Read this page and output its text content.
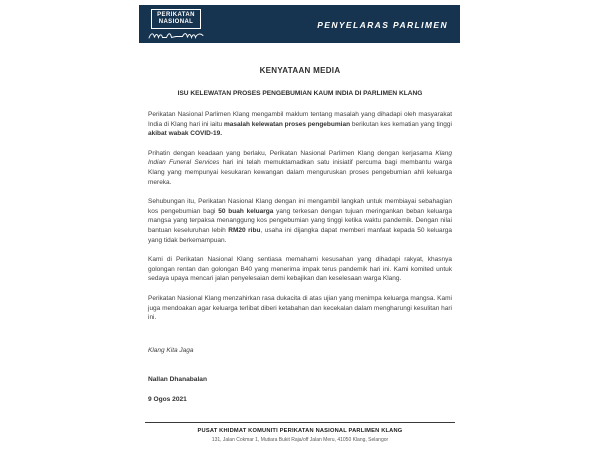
PERIKATAN
NASIONAL	PENYELARAS PARLIMEN
KENYATAAN MEDIA
ISU KELEWATAN PROSES PENGEBUMIAN KAUM INDIA DI PARLIMEN KLANG

Perikatan Nasional Parlimen Klang mengambil maklum tentang masalah yang dihadapi oleh masyarakat India di Klang hari ini iaitu masalah kelewatan proses pengebumian berikutan kes kematian yang tinggi akibat wabak COVID-19.

Prihatin dengan keadaan yang berlaku, Perikatan Nasional Parlimen Klang dengan kerjasama Klang Indian Funeral Services hari ini telah memuktamadkan satu inisiatif percuma bagi membantu warga Klang yang mempunyai kesukaran kewangan dalam menguruskan proses pengebumian ahli keluarga mereka.

Sehubungan itu, Perikatan Nasional Klang dengan ini mengambil langkah untuk membiayai sebahagian kos pengebumian bagi 50 buah keluarga yang terkesan dengan tujuan meringankan beban keluarga mangsa yang terpaksa menanggung kos pengebumian yang tinggi ketika waktu pandemik. Dengan nilai bantuan keseluruhan lebih RM20 ribu, usaha ini dijangka dapat memberi manfaat kepada 50 keluarga yang tidak berkemampuan.

Kami di Perikatan Nasional Klang sentiasa memahami kesusahan yang dihadapi rakyat, khasnya golongan rentan dan golongan B40 yang menerima impak terus pandemik hari ini. Kami komited untuk sedaya upaya mencari jalan penyelesaian demi kebajikan dan keselesaan warga Klang.

Perikatan Nasional Klang menzahirkan rasa dukacita di atas ujian yang menimpa keluarga mangsa. Kami juga mendoakan agar keluarga terlibat diberi ketabahan dan kecekalan dalam mengharungi kesulitan hari ini.

Klang Kita Jaga
Nallan Dhanabalan
9 Ogos 2021
PUSAT KHIDMAT KOMUNITI PERIKATAN NASIONAL PARLIMEN KLANG
131, Jalan Cokmar 1, Mutiara Bukit Raja/off Jalan Meru, 41050 Klang, Selangor
